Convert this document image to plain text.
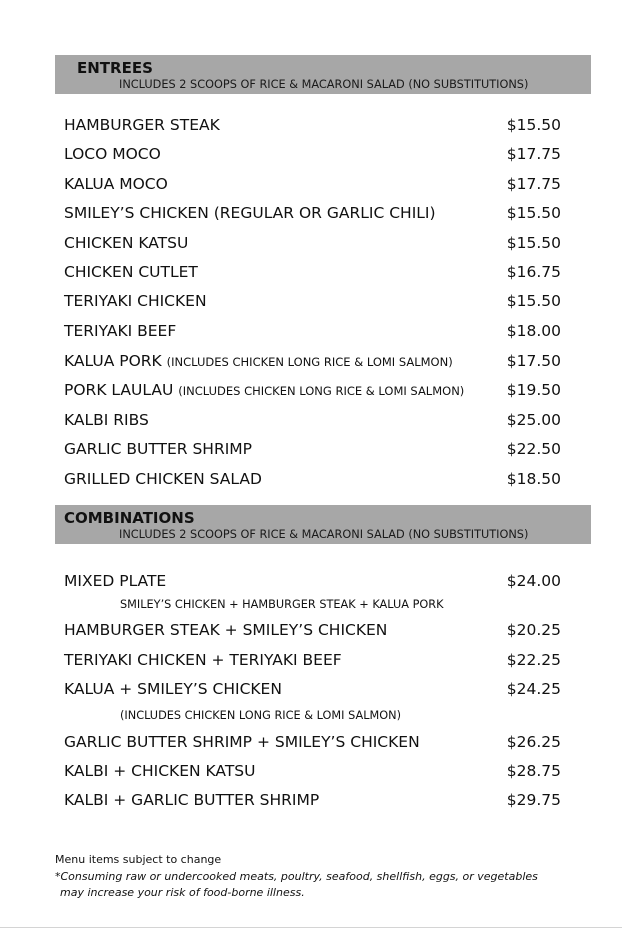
ENTREES
INCLUDES 2 SCOOPS OF RICE & MACARONI SALAD (NO SUBSTITUTIONS)
HAMBURGER STEAK	$15.50
LOCO MOCO	$17.75
KALUA MOCO	$17.75
SMILEY’S CHICKEN (REGULAR OR GARLIC CHILI)	$15.50
CHICKEN KATSU	$15.50
CHICKEN CUTLET	$16.75
TERIYAKI CHICKEN	$15.50
TERIYAKI BEEF	$18.00
KALUA PORK (INCLUDES CHICKEN LONG RICE & LOMI SALMON)	$17.50
PORK LAULAU (INCLUDES CHICKEN LONG RICE & LOMI SALMON)	$19.50
KALBI RIBS	$25.00
GARLIC BUTTER SHRIMP	$22.50
GRILLED CHICKEN SALAD	$18.50
COMBINATIONS
INCLUDES 2 SCOOPS OF RICE & MACARONI SALAD (NO SUBSTITUTIONS)
MIXED PLATE	$24.00
SMILEY’S CHICKEN + HAMBURGER STEAK + KALUA PORK
HAMBURGER STEAK + SMILEY’S CHICKEN	$20.25
TERIYAKI CHICKEN + TERIYAKI BEEF	$22.25
KALUA + SMILEY’S CHICKEN	$24.25
(INCLUDES CHICKEN LONG RICE & LOMI SALMON)
GARLIC BUTTER SHRIMP + SMILEY’S CHICKEN	$26.25
KALBI + CHICKEN KATSU	$28.75
KALBI + GARLIC BUTTER SHRIMP	$29.75
Menu items subject to change
*Consuming raw or undercooked meats, poultry, seafood, shellfish, eggs, or vegetables
may increase your risk of food-borne illness.
